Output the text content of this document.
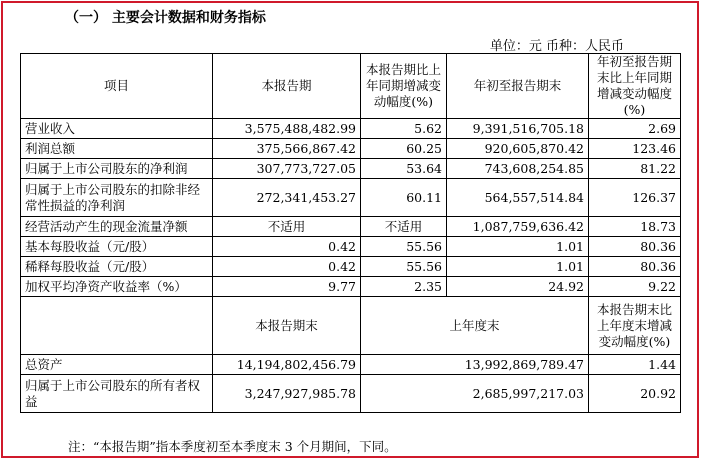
（一） 主要会计数据和财务指标
单位：元 币种：人民币
项目	本报告期	本报告期比上年同期增减变动幅度(%)	年初至报告期末	年初至报告期末比上年同期增减变动幅度(%)
营业收入	3,575,488,482.99	5.62	9,391,516,705.18	2.69
利润总额	375,566,867.42	60.25	920,605,870.42	123.46
归属于上市公司股东的净利润	307,773,727.05	53.64	743,608,254.85	81.22
归属于上市公司股东的扣除非经常性损益的净利润	272,341,453.27	60.11	564,557,514.84	126.37
经营活动产生的现金流量净额	不适用	不适用	1,087,759,636.42	18.73
基本每股收益（元/股）	0.42	55.56	1.01	80.36
稀释每股收益（元/股）	0.42	55.56	1.01	80.36
加权平均净资产收益率（%）	9.77	2.35	24.92	9.22
	本报告期末	上年度末		本报告期末比上年度末增减变动幅度(%)
总资产	14,194,802,456.79	13,992,869,789.47		1.44
归属于上市公司股东的所有者权益	3,247,927,985.78	2,685,997,217.03		20.92
注：“本报告期”指本季度初至本季度末 3 个月期间，下同。
